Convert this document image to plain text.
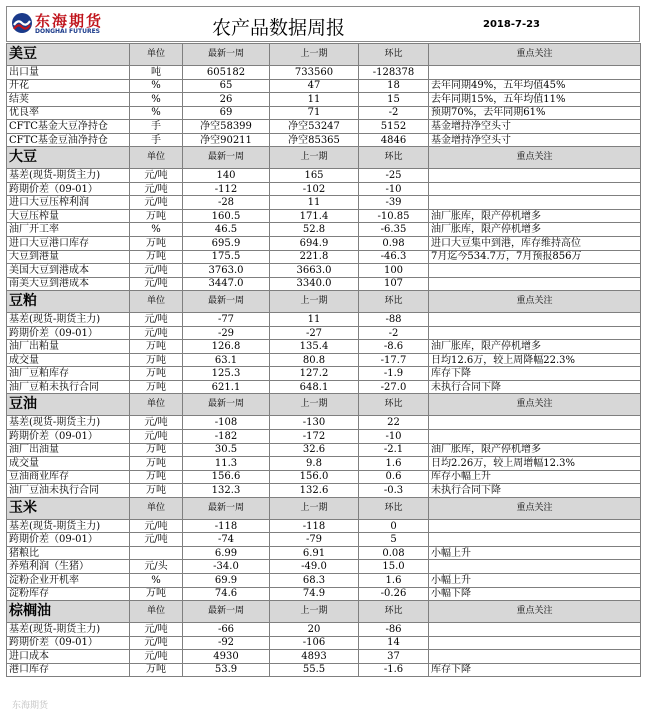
东海期货
DONGHAI FUTURES	农产品数据周报	2018-7-23
美豆	单位	最新一周	上一期	环比	重点关注
出口量	吨	605182	733560	-128378	
开花	%	65	47	18	去年同期49%，五年均值45%
结荚	%	26	11	15	去年同期15%，五年均值11%
优良率	%	69	71	-2	预期70%，去年同期61%
CFTC基金大豆净持仓	手	净空58399	净空53247	5152	基金增持净空头寸
CFTC基金豆油净持仓	手	净空90211	净空85365	4846	基金增持净空头寸
大豆	单位	最新一周	上一期	环比	重点关注
基差(现货-期货主力)	元/吨	140	165	-25	
跨期价差（09-01）	元/吨	-112	-102	-10	
进口大豆压榨利润	元/吨	-28	11	-39	
大豆压榨量	万吨	160.5	171.4	-10.85	油厂胀库，限产停机增多
油厂开工率	%	46.5	52.8	-6.35	油厂胀库，限产停机增多
进口大豆港口库存	万吨	695.9	694.9	0.98	进口大豆集中到港，库存维持高位
大豆到港量	万吨	175.5	221.8	-46.3	7月迄今534.7万，7月预报856万
美国大豆到港成本	元/吨	3763.0	3663.0	100	
南美大豆到港成本	元/吨	3447.0	3340.0	107	
豆粕	单位	最新一周	上一期	环比	重点关注
基差(现货-期货主力)	元/吨	-77	11	-88	
跨期价差（09-01）	元/吨	-29	-27	-2	
油厂出粕量	万吨	126.8	135.4	-8.6	油厂胀库，限产停机增多
成交量	万吨	63.1	80.8	-17.7	日均12.6万，较上周降幅22.3%
油厂豆粕库存	万吨	125.3	127.2	-1.9	库存下降
油厂豆粕未执行合同	万吨	621.1	648.1	-27.0	未执行合同下降
豆油	单位	最新一周	上一期	环比	重点关注
基差(现货-期货主力)	元/吨	-108	-130	22	
跨期价差（09-01）	元/吨	-182	-172	-10	
油厂出油量	万吨	30.5	32.6	-2.1	油厂胀库，限产停机增多
成交量	万吨	11.3	9.8	1.6	日均2.26万，较上周增幅12.3%
豆油商业库存	万吨	156.6	156.0	0.6	库存小幅上升
油厂豆油未执行合同	万吨	132.3	132.6	-0.3	未执行合同下降
玉米	单位	最新一周	上一期	环比	重点关注
基差(现货-期货主力)	元/吨	-118	-118	0	
跨期价差（09-01）	元/吨	-74	-79	5	
猪粮比		6.99	6.91	0.08	小幅上升
养殖利润（生猪）	元/头	-34.0	-49.0	15.0	
淀粉企业开机率	%	69.9	68.3	1.6	小幅上升
淀粉库存	万吨	74.6	74.9	-0.26	小幅下降
棕榈油	单位	最新一周	上一期	环比	重点关注
基差(现货-期货主力)	元/吨	-66	20	-86	
跨期价差（09-01）	元/吨	-92	-106	14	
进口成本	元/吨	4930	4893	37	
港口库存	万吨	53.9	55.5	-1.6	库存下降
东海期货
